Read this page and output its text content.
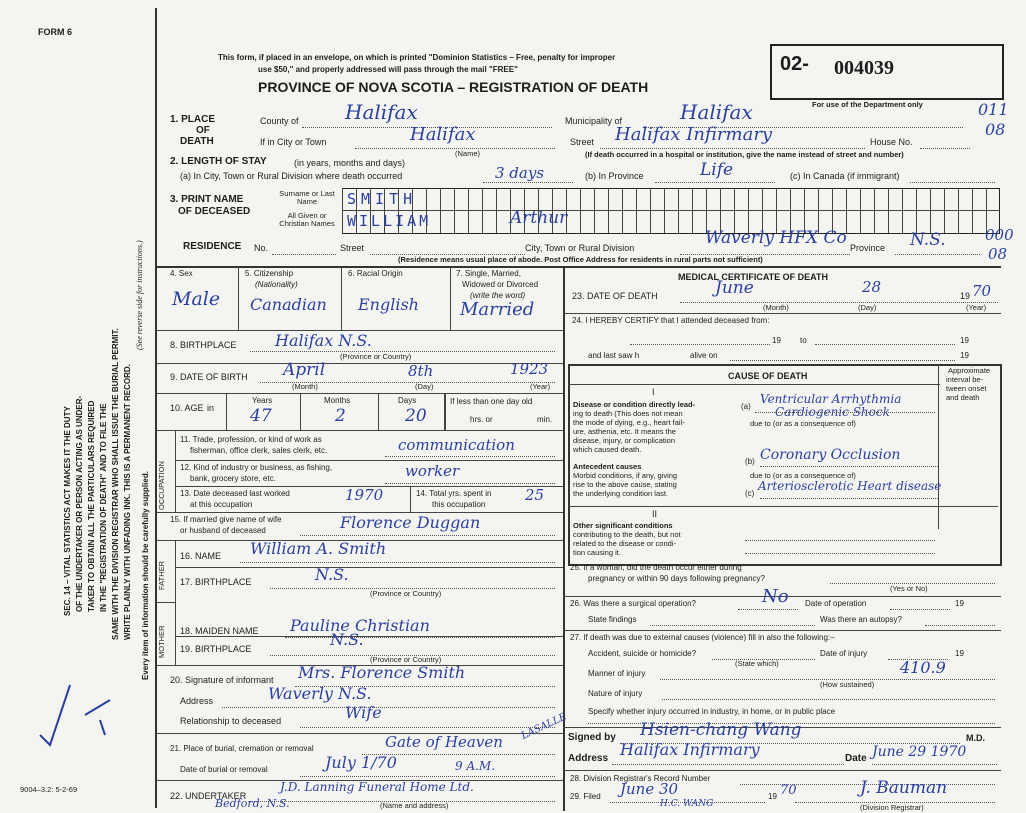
FORM 6
SEC. 14 – VITAL STATISTICS ACT MAKES IT THE DUTY OF THE UNDERTAKER OR PERSON ACTING AS UNDER- TAKER TO OBTAIN ALL THE PARTICULARS REQUIRED IN THE "REGISTRATION OF DEATH" AND TO FILE THE SAME WITH THE DIVISION REGISTRAR WHO SHALL ISSUE THE BURIAL PERMIT. WRITE PLAINLY WITH UNFADING INK. THIS IS A PERMANENT RECORD.
(See reverse side for instructions.)
Every item of information should be carefully supplied.
9004–3.2: 5-2-69
This form, if placed in an envelope, on which is printed "Dominion Statistics – Free, penalty for improper
use $50," and properly addressed will pass through the mail "FREE"
PROVINCE OF NOVA SCOTIA – REGISTRATION OF DEATH
02- 004039
For use of the Department only
1. PLACE
OF
DEATH
County of Halifax	Municipality of	Halifax	011
If in City or Town	Halifax
(Name)
Street Halifax Infirmary	House No.
08
(If death occurred in a hospital or institution, give the name instead of street and number)
2. LENGTH OF STAY	(in years, months and days)
(a) In City, Town or Rural Division where death occurred	3 days	(b) In Province	Life	(c) In Canada (if immigrant)
3. PRINT NAME
OF DECEASED
Surname or Last Name
All Given or Christian Names
SMITH
WILLIAM	Arthur
RESIDENCE No.	Street	City, Town or Rural Division	Waverly HFX Co Province N.S.	000
08
(Residence means usual place of abode. Post Office Address for residents in rural parts not sufficient)
4. Sex
Male
5. Citizenship
(Nationality)
Canadian
6. Racial Origin
English
7. Single, Married,
Widowed or Divorced
(write the word)
Married
8. BIRTHPLACE Halifax N.S.
(Province or Country)
9. DATE OF BIRTH April	8th	1923
(Month)	(Day)	(Year)
10. AGE in
Years	Months	Days
47	2	20
If less than one day old
hrs. or	min.
OCCUPATION
11. Trade, profession, or kind of work as
fisherman, office clerk, sales clerk, etc.	communication
12. Kind of industry or business, as fishing,
bank, grocery store, etc.	worker
13. Date deceased last worked
at this occupation
1970	14. Total yrs. spent in
this occupation
25
15. If married give name of wife
or husband of deceased	Florence Duggan
FATHER
MOTHER
16. NAME William A. Smith
17. BIRTHPLACE	N.S.
(Province or Country)
18. MAIDEN NAME Pauline Christian
19. BIRTHPLACE	N.S.
(Province or Country)
20. Signature of informant Mrs. Florence Smith
Address	Waverly N.S.
Relationship to deceased	Wife
21. Place of burial, cremation or removal	Gate of Heaven
LASALLE
Date of burial or removal	July 1/70	9 A.M.
22. UNDERTAKER
J.D. Lanning Funeral Home Ltd.
(Name and address)
Bedford, N.S.
MEDICAL CERTIFICATE OF DEATH
23. DATE OF DEATH	June	28	19 70
(Month)	(Day)	(Year)
24. I HEREBY CERTIFY that I attended deceased from:
19 to	19
and last saw h	alive on	19
CAUSE OF DEATH
Approximate
interval be-
tween onset
and death
I
Disease or condition directly lead-
ing to death (This does not mean
the mode of dying, e.g., heart fail-
ure, asthenia, etc. It means the
disease, injury, or complication
which caused death.
(a)
Ventricular Arrhythmia
Cardiogenic Shock
due to (or as a consequence of)
Antecedent causes
Morbid conditions, if any, giving
rise to the above cause, stating
the underlying condition last.
(b) Coronary Occlusion
due to (or as a consequence of)
(c)
Arteriosclerotic Heart disease
II
Other significant conditions
contributing to the death, but not
related to the disease or condi-
tion causing it.
25. If a woman, did the death occur either during
pregnancy or within 90 days following pregnancy?
(Yes or No)
26. Was there a surgical operation?	No Date of operation	19
State findings	Was there an autopsy?
27. If death was due to external causes (violence) fill in also the following:–
Accident, suicide or homicide?	Date of injury	19
(State which)
Manner of injury	410.9
(How sustained)
Nature of injury
Specify whether injury occurred in industry, in home, or in public place
Signed by Hsien-chang Wang	M.D.
Address Halifax Infirmary	Date June 29 1970
28. Division Registrar's Record Number
29. Filed June 30
H.C. WANG
19 70	J. Bauman
(Division Registrar)
